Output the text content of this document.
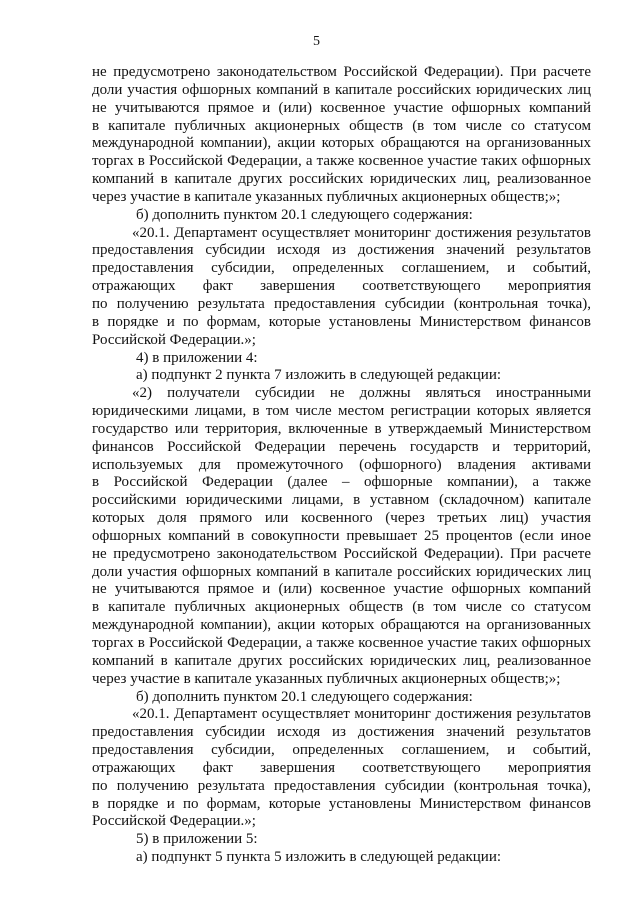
5
не предусмотрено законодательством Российской Федерации). При расчете
доли участия офшорных компаний в капитале российских юридических лиц
не учитываются прямое и (или) косвенное участие офшорных компаний
в капитале публичных акционерных обществ (в том числе со статусом
международной компании), акции которых обращаются на организованных
торгах в Российской Федерации, а также косвенное участие таких офшорных
компаний в капитале других российских юридических лиц, реализованное
через участие в капитале указанных публичных акционерных обществ;»;
б) дополнить пунктом 20.1 следующего содержания:
«20.1. Департамент осуществляет мониторинг достижения результатов
предоставления субсидии исходя из достижения значений результатов
предоставления субсидии, определенных соглашением, и событий,
отражающих факт завершения соответствующего мероприятия
по получению результата предоставления субсидии (контрольная точка),
в порядке и по формам, которые установлены Министерством финансов
Российской Федерации.»;
4) в приложении 4:
а) подпункт 2 пункта 7 изложить в следующей редакции:
«2) получатели субсидии не должны являться иностранными
юридическими лицами, в том числе местом регистрации которых является
государство или территория, включенные в утверждаемый Министерством
финансов Российской Федерации перечень государств и территорий,
используемых для промежуточного (офшорного) владения активами
в Российской Федерации (далее – офшорные компании), а также
российскими юридическими лицами, в уставном (складочном) капитале
которых доля прямого или косвенного (через третьих лиц) участия
офшорных компаний в совокупности превышает 25 процентов (если иное
не предусмотрено законодательством Российской Федерации). При расчете
доли участия офшорных компаний в капитале российских юридических лиц
не учитываются прямое и (или) косвенное участие офшорных компаний
в капитале публичных акционерных обществ (в том числе со статусом
международной компании), акции которых обращаются на организованных
торгах в Российской Федерации, а также косвенное участие таких офшорных
компаний в капитале других российских юридических лиц, реализованное
через участие в капитале указанных публичных акционерных обществ;»;
б) дополнить пунктом 20.1 следующего содержания:
«20.1. Департамент осуществляет мониторинг достижения результатов
предоставления субсидии исходя из достижения значений результатов
предоставления субсидии, определенных соглашением, и событий,
отражающих факт завершения соответствующего мероприятия
по получению результата предоставления субсидии (контрольная точка),
в порядке и по формам, которые установлены Министерством финансов
Российской Федерации.»;
5) в приложении 5:
а) подпункт 5 пункта 5 изложить в следующей редакции:
